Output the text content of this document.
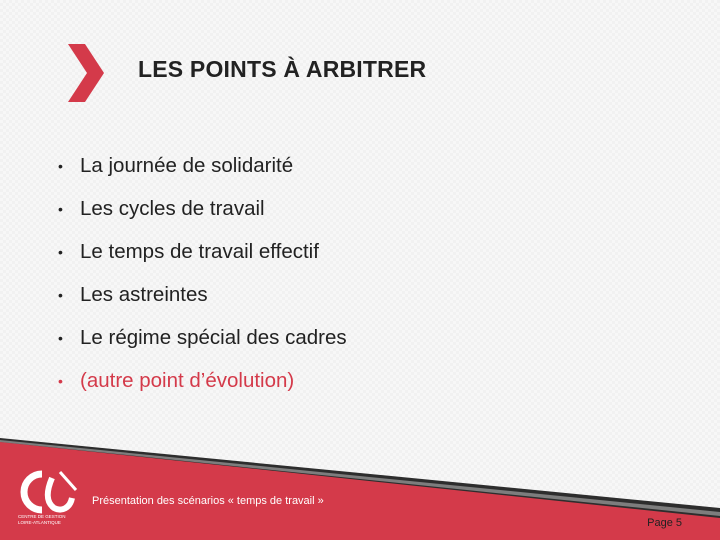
LES POINTS À ARBITRER
• La journée de solidarité
• Les cycles de travail
• Le temps de travail effectif
• Les astreintes
• Le régime spécial des cadres
• (autre point d’évolution)
CENTRE DE GESTION
LOIRE-ATLANTIQUE
Présentation des scénarios « temps de travail »
Page 5
